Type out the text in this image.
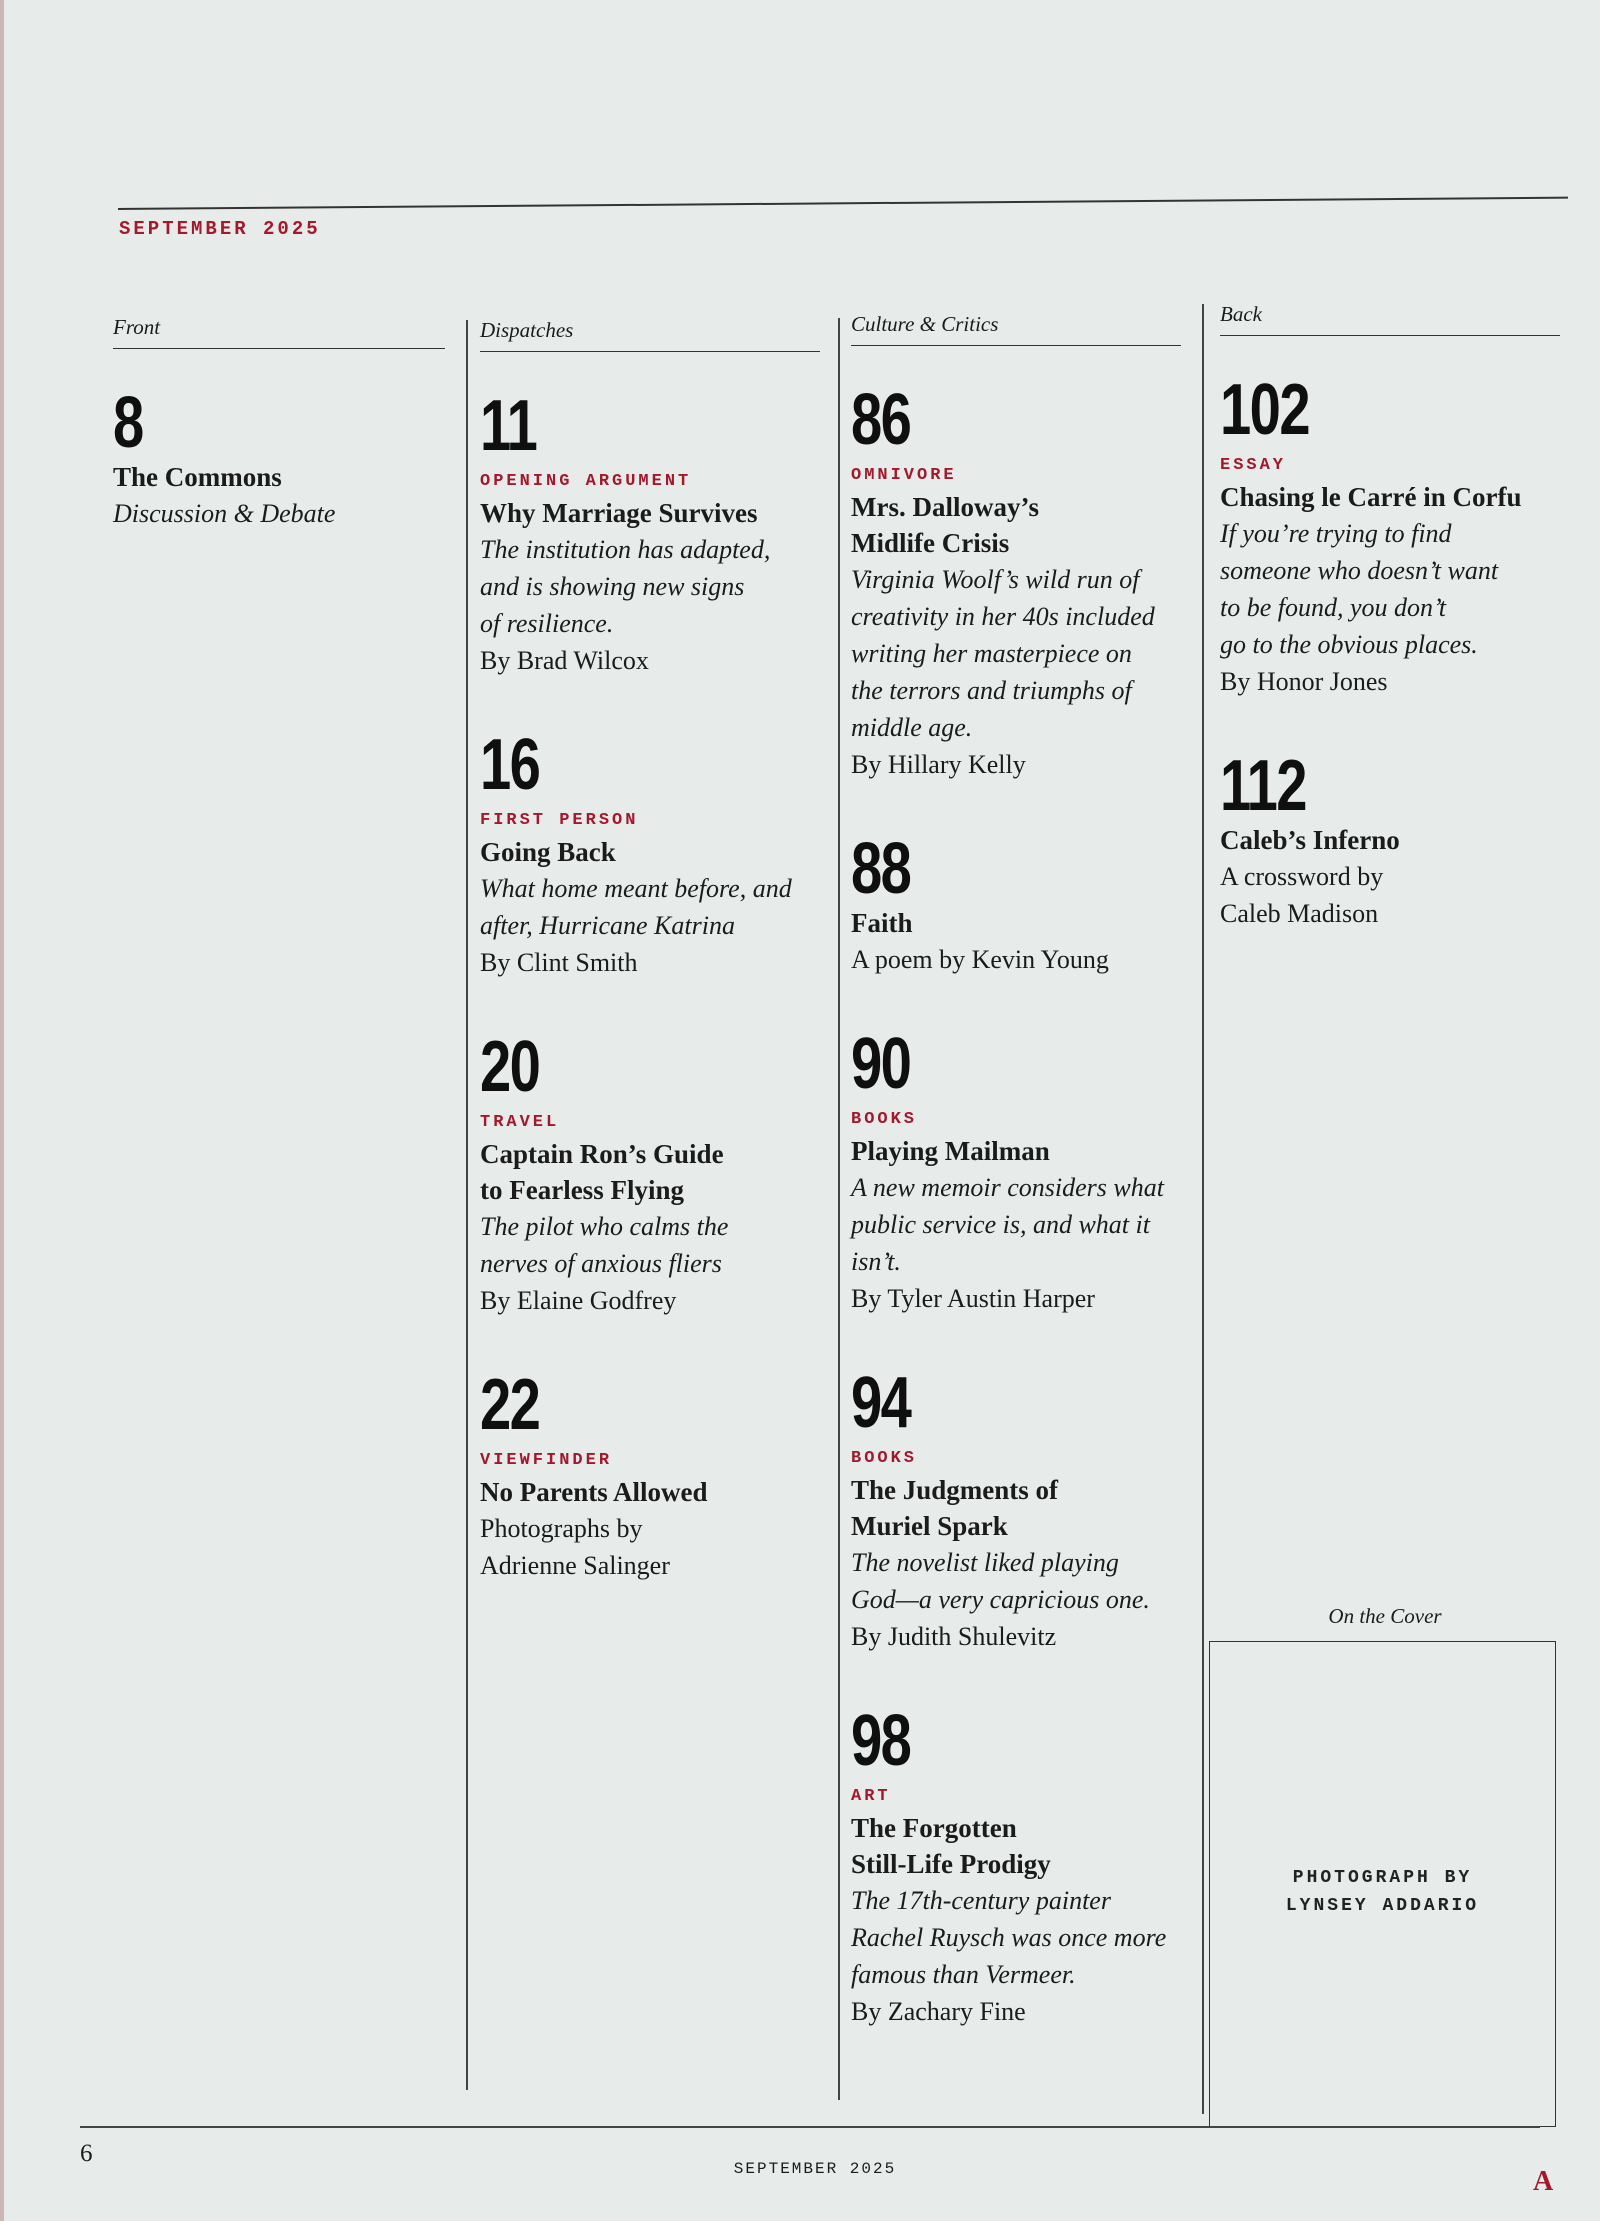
SEPTEMBER 2025
Front
8
The Commons
Discussion & Debate
Dispatches
11
OPENING ARGUMENT
Why Marriage Survives
The institution has adapted,
and is showing new signs
of resilience.
By Brad Wilcox
16
FIRST PERSON
Going Back
What home meant before, and
after, Hurricane Katrina
By Clint Smith
20
TRAVEL
Captain Ron’s Guide
to Fearless Flying
The pilot who calms the
nerves of anxious fliers
By Elaine Godfrey
22
VIEWFINDER
No Parents Allowed
Photographs by
Adrienne Salinger
Culture & Critics
86
OMNIVORE
Mrs. Dalloway’s
Midlife Crisis
Virginia Woolf’s wild run of
creativity in her 40s included
writing her masterpiece on
the terrors and triumphs of
middle age.
By Hillary Kelly
88
Faith
A poem by Kevin Young
90
BOOKS
Playing Mailman
A new memoir considers what
public service is, and what it isn’t.
By Tyler Austin Harper
94
BOOKS
The Judgments of
Muriel Spark
The novelist liked playing
God—a very capricious one.
By Judith Shulevitz
98
ART
The Forgotten
Still-Life Prodigy
The 17th-century painter
Rachel Ruysch was once more
famous than Vermeer.
By Zachary Fine
Back
102
ESSAY
Chasing le Carré in Corfu
If you’re trying to find
someone who doesn’t want
to be found, you don’t
go to the obvious places.
By Honor Jones
112
Caleb’s Inferno
A crossword by
Caleb Madison
On the Cover
PHOTOGRAPH BY
LYNSEY ADDARIO
6
SEPTEMBER 2025	A
